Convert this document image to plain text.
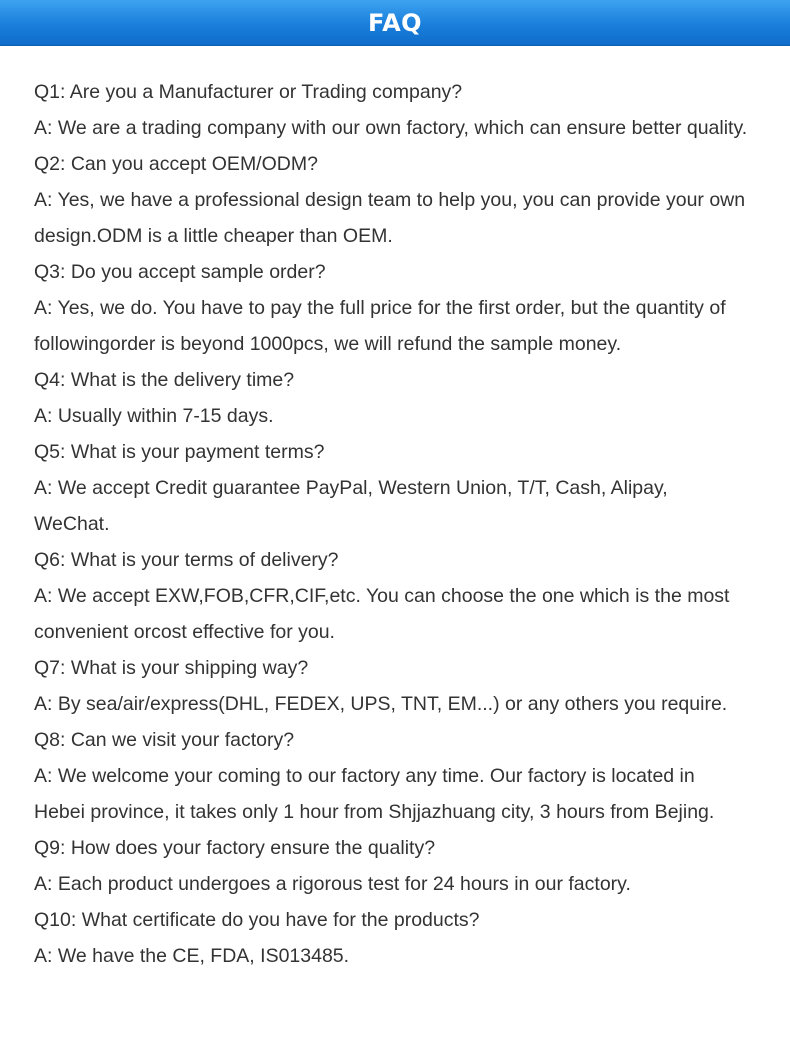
FAQ
Q1: Are you a Manufacturer or Trading company?
A: We are a trading company with our own factory, which can ensure better quality.
Q2: Can you accept OEM/ODM?
A: Yes, we have a professional design team to help you, you can provide your own
design.ODM is a little cheaper than OEM.
Q3: Do you accept sample order?
A: Yes, we do. You have to pay the full price for the first order, but the quantity of
followingorder is beyond 1000pcs, we will refund the sample money.
Q4: What is the delivery time?
A: Usually within 7-15 days.
Q5: What is your payment terms?
A: We accept Credit guarantee PayPal, Western Union, T/T, Cash, Alipay,
WeChat.
Q6: What is your terms of delivery?
A: We accept EXW,FOB,CFR,CIF,etc. You can choose the one which is the most
convenient orcost effective for you.
Q7: What is your shipping way?
A: By sea/air/express(DHL, FEDEX, UPS, TNT, EM...) or any others you require.
Q8: Can we visit your factory?
A: We welcome your coming to our factory any time. Our factory is located in
Hebei province, it takes only 1 hour from Shjjazhuang city, 3 hours from Bejing.
Q9: How does your factory ensure the quality?
A: Each product undergoes a rigorous test for 24 hours in our factory.
Q10: What certificate do you have for the products?
A: We have the CE, FDA, IS013485.
